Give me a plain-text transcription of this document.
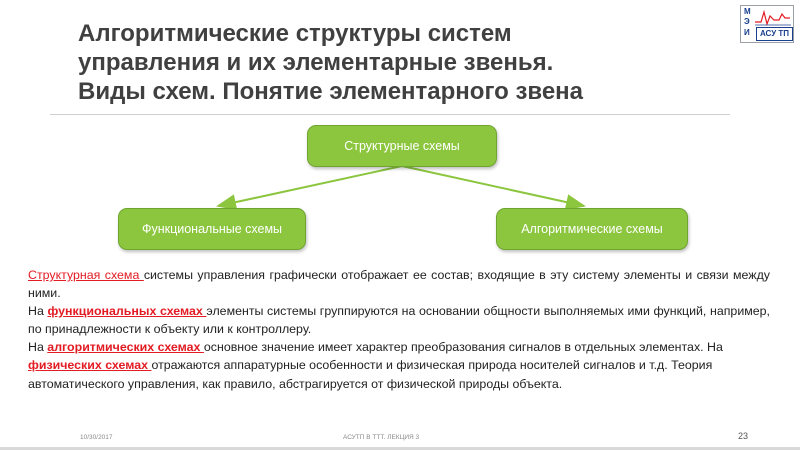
Алгоритмические структуры систем
управления и их элементарные звенья.
Виды схем. Понятие элементарного звена
М
Э
И	АСУ ТП
Структурные схемы
Функциональные схемы	Алгоритмические схемы

Структурная схема системы управления графически отображает ее состав; входящие в эту систему элементы и связи между ними.

На функциональных схемах элементы системы группируются на основании общности выполняемых ими функций, например, по принадлежности к объекту или к контроллеру.

На алгоритмических схемах основное значение имеет характер преобразования сигналов в отдельных элементах. На физических схемах отражаются аппаратурные особенности и физическая природа носителей сигналов и т.д. Теория автоматического управления, как правило, абстрагируется от физической природы объекта.

10/30/2017	АСУТП В ТТТ. ЛЕКЦИЯ 3	23
